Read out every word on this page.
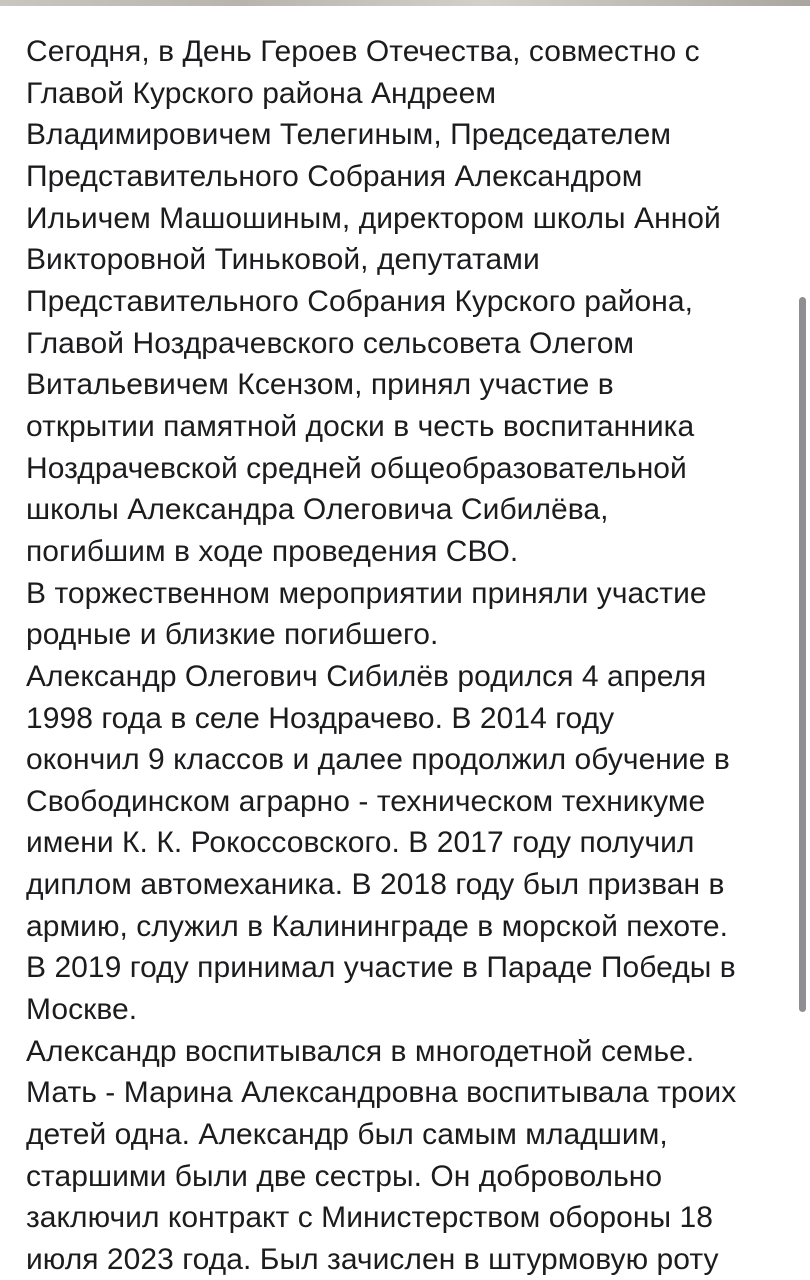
Сегодня, в День Героев Отечества, совместно с
Главой Курского района Андреем
Владимировичем Телегиным, Председателем
Представительного Собрания Александром
Ильичем Машошиным, директором школы Анной
Викторовной Тиньковой, депутатами
Представительного Собрания Курского района,
Главой Ноздрачевского сельсовета Олегом
Витальевичем Ксензом, принял участие в
открытии памятной доски в честь воспитанника
Ноздрачевской средней общеобразовательной
школы Александра Олеговича Сибилёва,
погибшим в ходе проведения СВО.
В торжественном мероприятии приняли участие
родные и близкие погибшего.
Александр Олегович Сибилёв родился 4 апреля
1998 года в селе Ноздрачево. В 2014 году
окончил 9 классов и далее продолжил обучение в
Свободинском аграрно - техническом техникуме
имени К. К. Рокоссовского. В 2017 году получил
диплом автомеханика. В 2018 году был призван в
армию, служил в Калининграде в морской пехоте.
В 2019 году принимал участие в Параде Победы в
Москве.
Александр воспитывался в многодетной семье.
Мать - Марина Александровна воспитывала троих
детей одна. Александр был самым младшим,
старшими были две сестры. Он добровольно
заключил контракт с Министерством обороны 18
июля 2023 года. Был зачислен в штурмовую роту
